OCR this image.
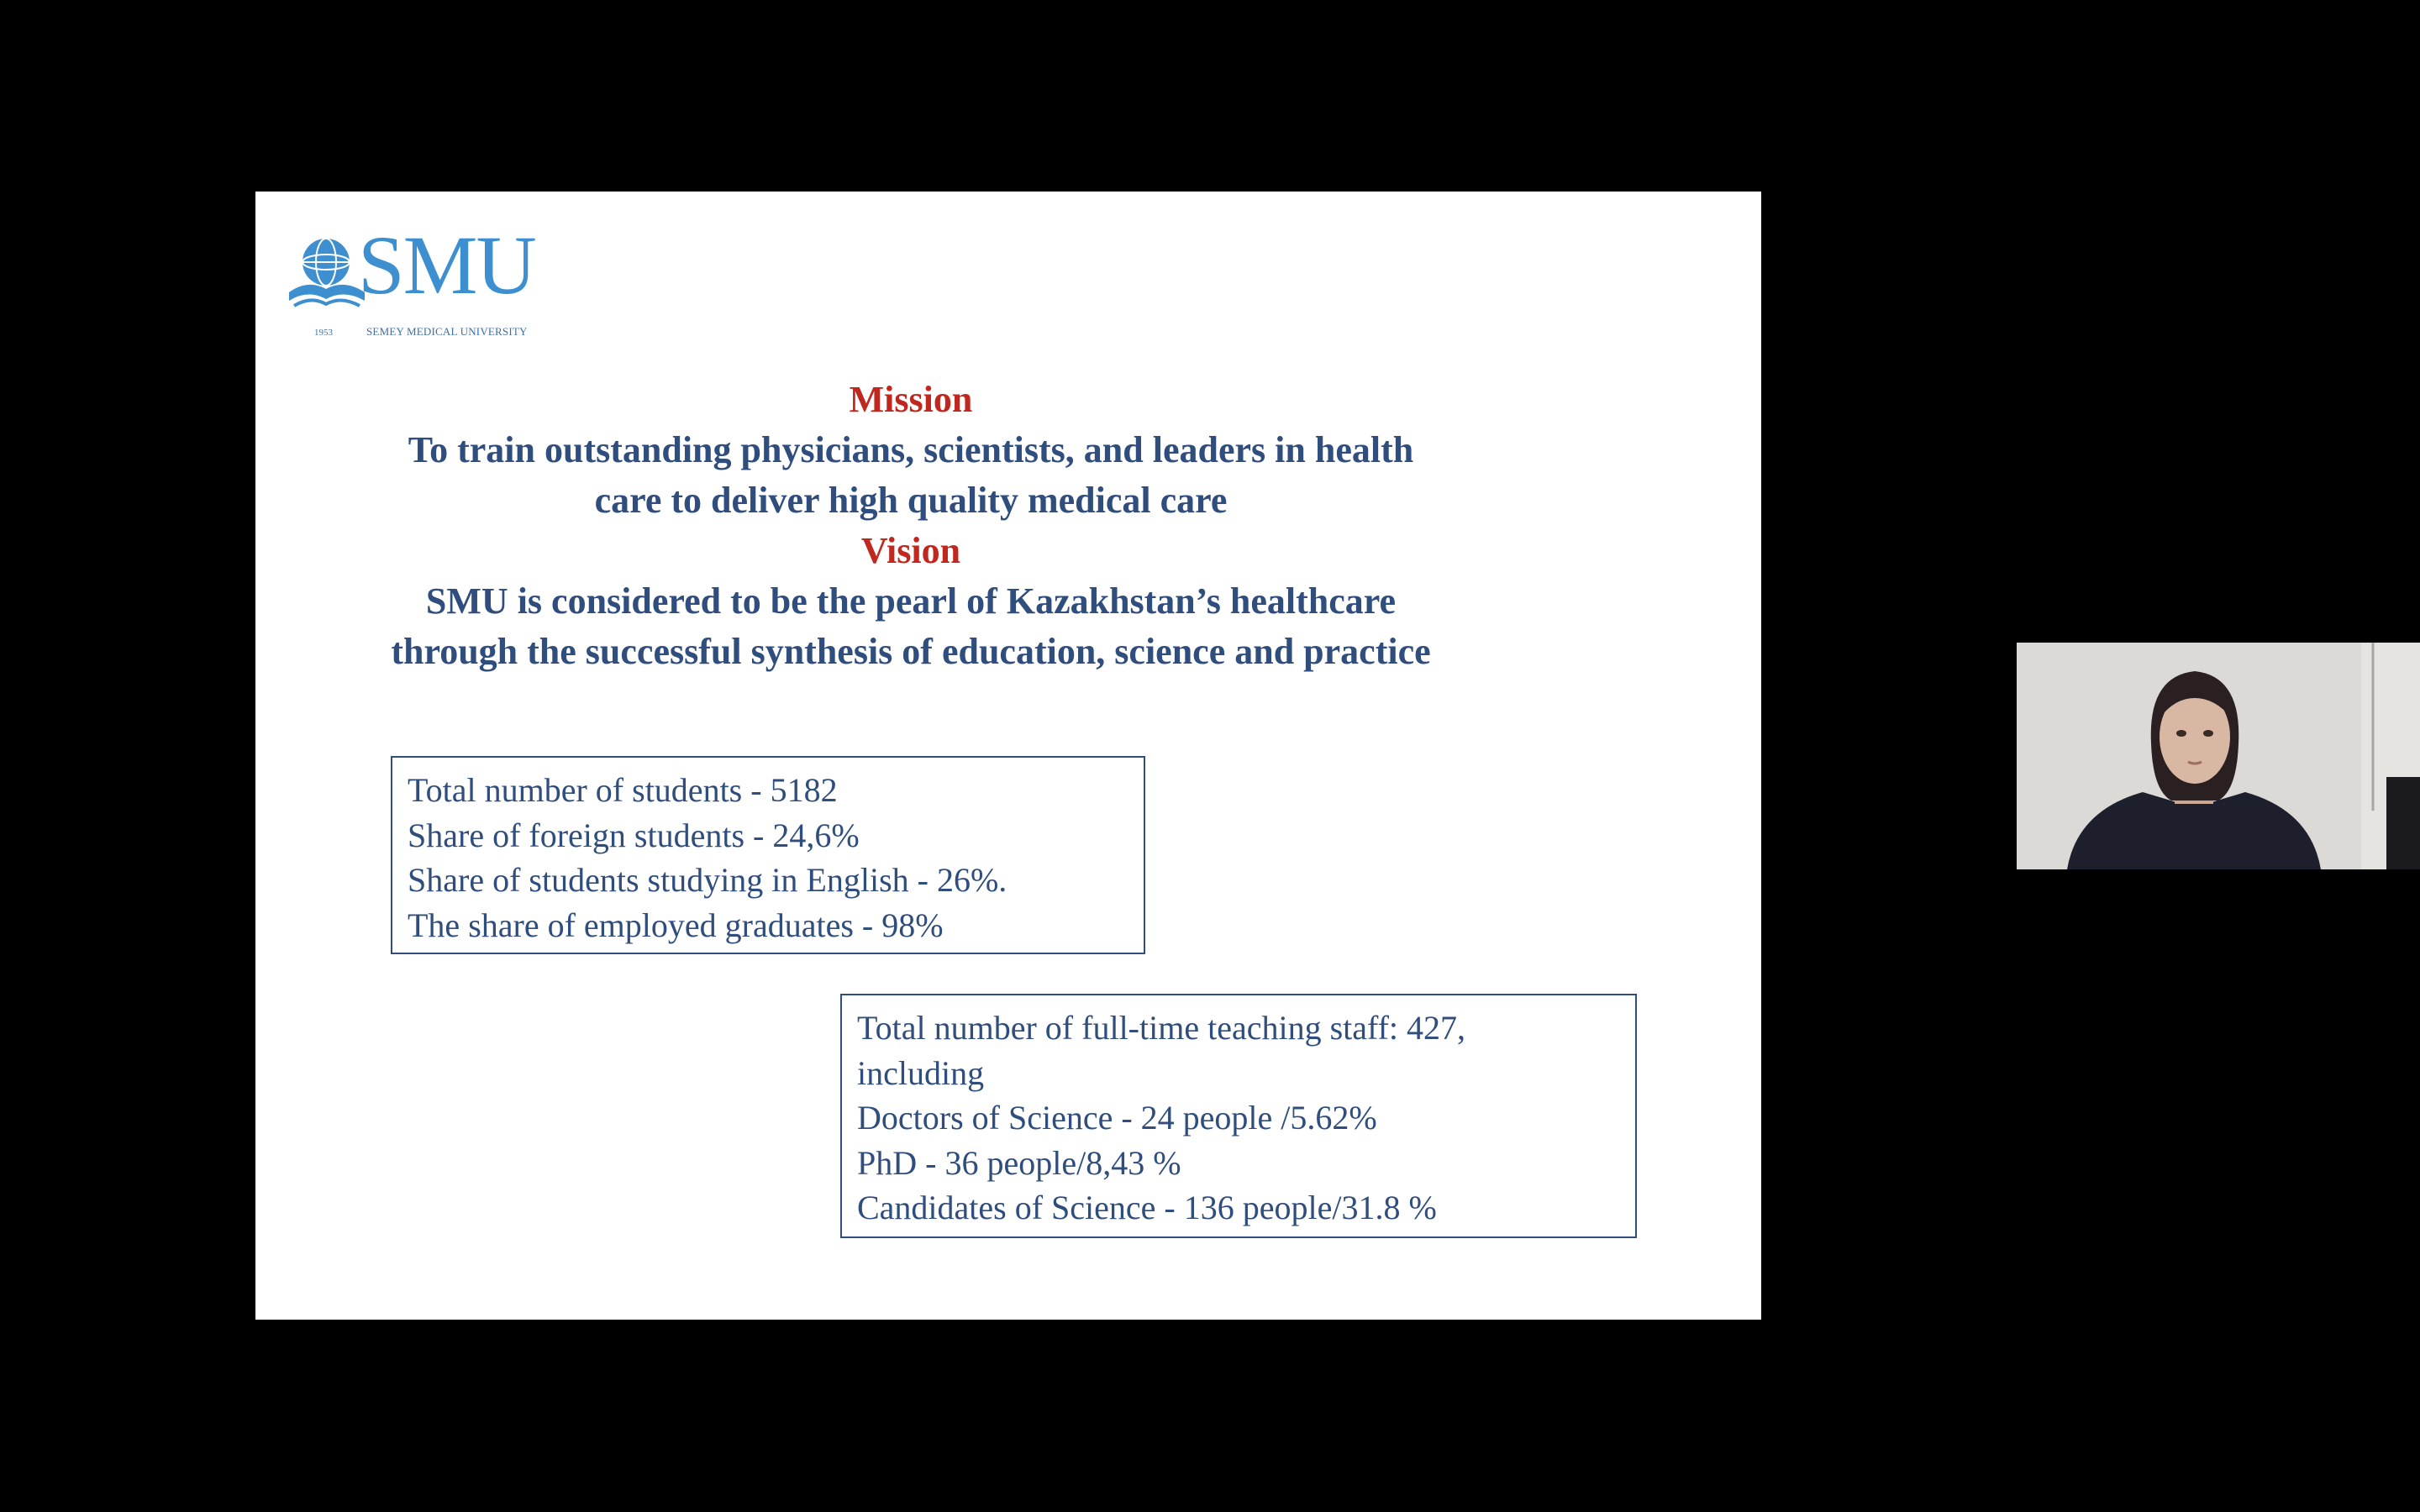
SMU
1953	SEMEY MEDICAL UNIVERSITY
Mission
To train outstanding physicians, scientists, and leaders in health
care to deliver high quality medical care
Vision
SMU is considered to be the pearl of Kazakhstan’s healthcare
through the successful synthesis of education, science and practice
Total number of students - 5182
Share of foreign students - 24,6%
Share of students studying in English - 26%.
The share of employed graduates - 98%
Total number of full-time teaching staff: 427,
including
Doctors of Science - 24 people /5.62%
PhD - 36 people/8,43 %
Candidates of Science - 136 people/31.8 %
